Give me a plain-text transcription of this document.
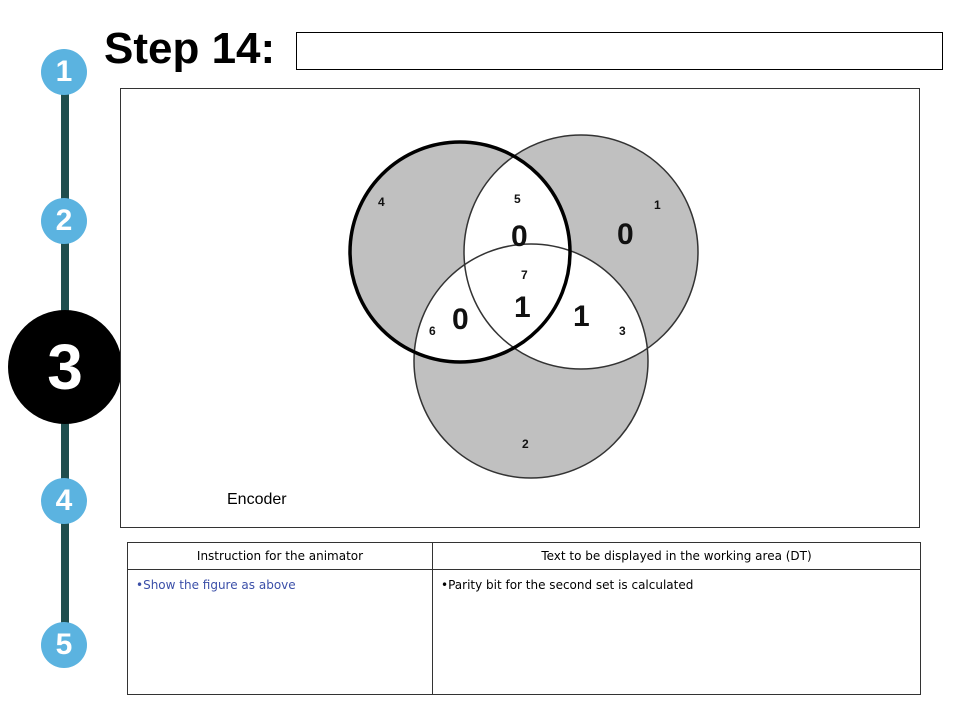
1
2
3
4
5
Step 14:
4	5	1
7
6	3
2
0	0
1
0	1
Encoder
Instruction for the animator	Text to be displayed in the working area (DT)
• Show the figure as above	• Parity bit for the second set is calculated
